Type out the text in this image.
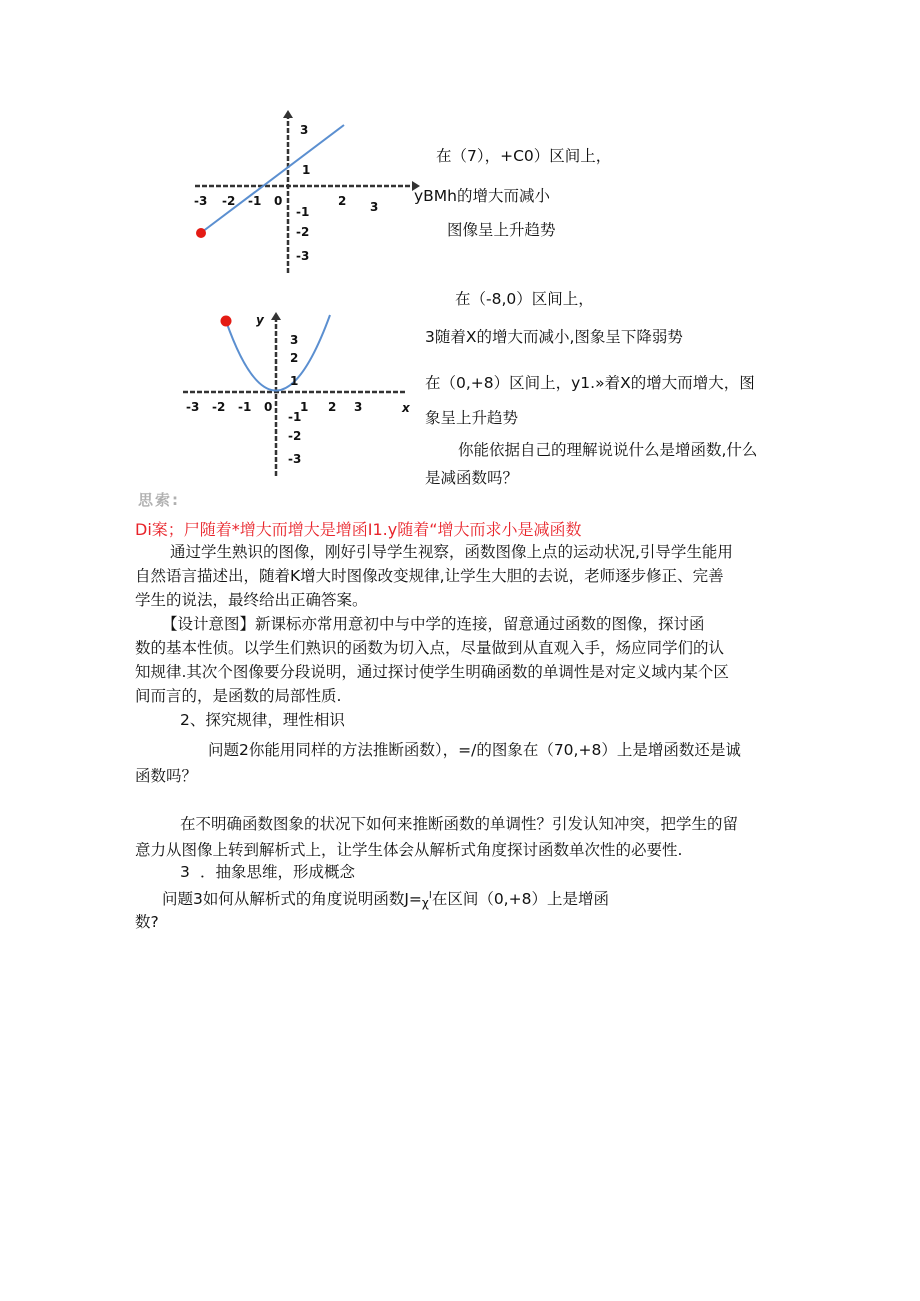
3
1
-1
-2
-3
-3 -2 -1 0	2 3
在（7），+C0）区间上，
yBMh的增大而减小
图像呈上升趋势
y
x
3
2
1
-1
-2
-3
-3 -2 -1 0 1 2 3
在（-8,0）区间上，
3随着X的增大而减小,图象呈下降弱势
在（0,+8）区间上，y1.»着X的增大而增大，图
象呈上升趋势
你能依据自己的理解说说什么是增函数,什么
是减函数吗？
思索:
Di案；尸随着*增大而增大是增函I1.y随着“增大而求小是减函数
通过学生熟识的图像，刚好引导学生视察，函数图像上点的运动状况,引导学生能用
自然语言描述出，随着K增大时图像改变规律,让学生大胆的去说，老师逐步修正、完善
学生的说法，最终给出正确答案。
【设计意图】新课标亦常用意初中与中学的连接，留意通过函数的图像，探讨函
数的基本性侦。以学生们熟识的函数为切入点，尽量做到从直观入手，炀应同学们的认
知规律.其次个图像要分段说明，通过探讨使学生明确函数的单调性是对定义域内某个区
间而言的，是函数的局部性质.
2、探究规律，理性相识
问题2你能用同样的方法推断函数），=/的图象在（70,+8）上是增函数还是诚
函数吗？
在不明确函数图象的状况下如何来推断函数的单调性？引发认知冲突，把学生的留
意力从图像上转到解析式上，让学生体会从解析式角度探讨函数单次性的必要性.
3 ．抽象思维，形成概念
问题3如何从解析式的角度说明函数$J=\chi^I$在区间（0,+8）上是增函
数?
